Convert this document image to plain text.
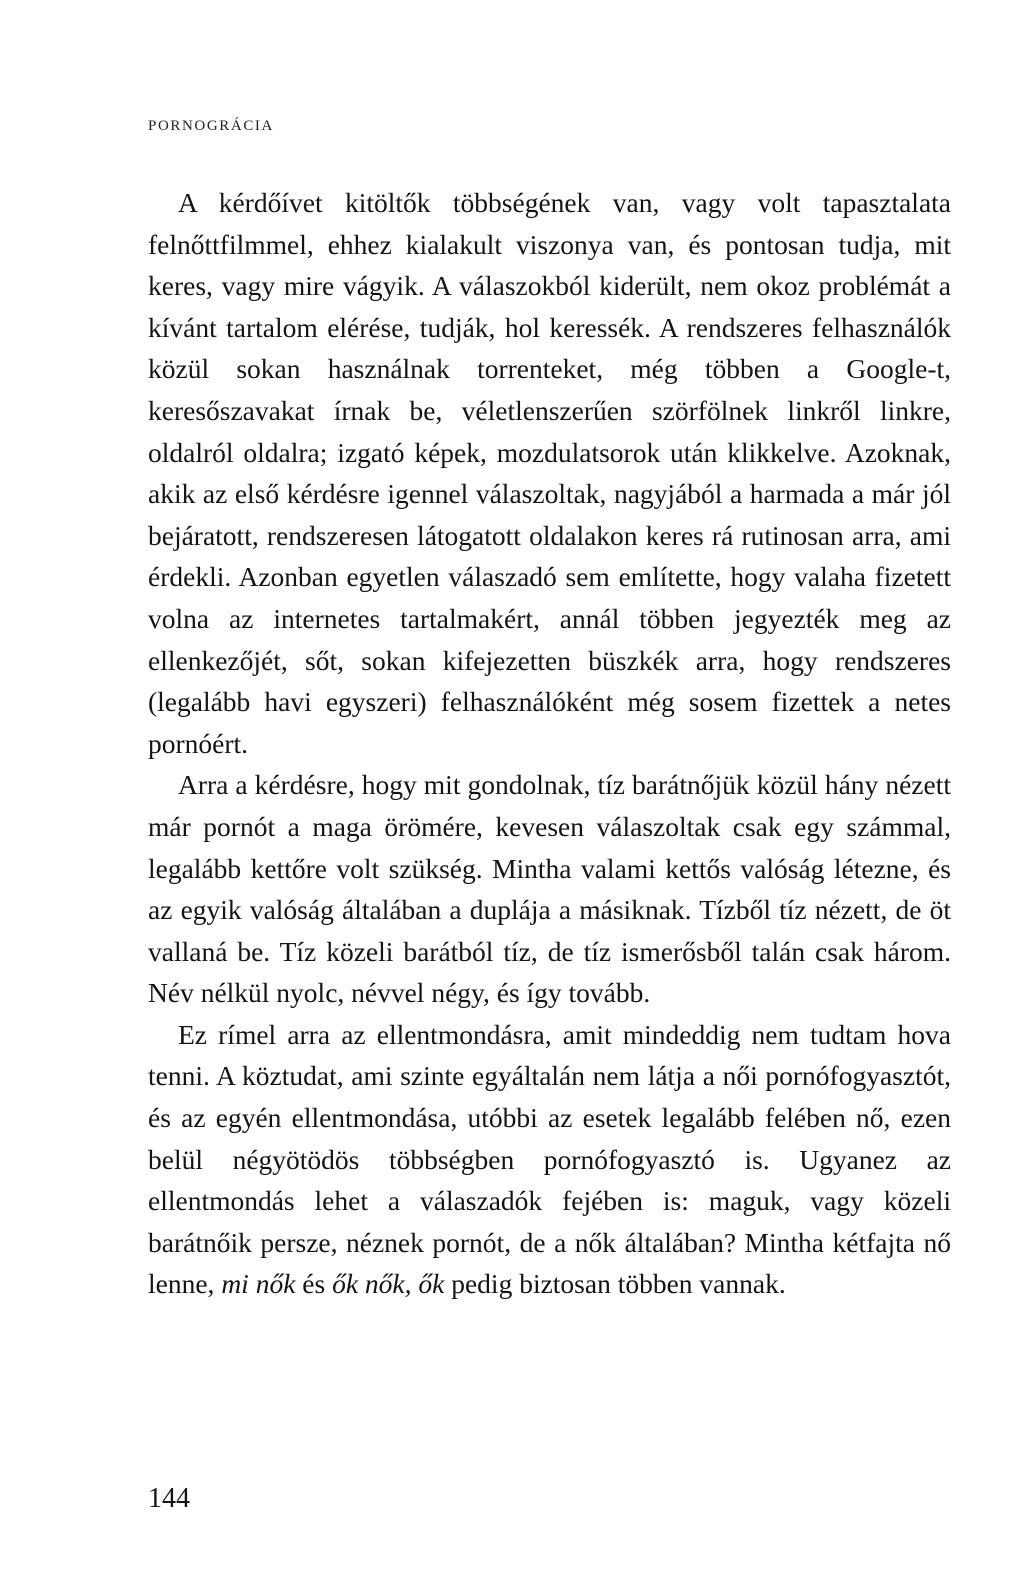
PORNOGRÁCIA

A kérdőívet kitöltők többségének van, vagy volt tapasztalata felnőttfilmmel, ehhez kialakult viszonya van, és pontosan tudja, mit keres, vagy mire vágyik. A válaszokból kiderült, nem okoz problémát a kívánt tartalom elérése, tudják, hol keressék. A rendszeres felhasználók közül sokan használnak torrenteket, még többen a Google-t, keresőszavakat írnak be, véletlenszerűen szörfölnek linkről linkre, oldalról oldalra; izgató képek, mozdulatsorok után klikkelve. Azoknak, akik az első kérdésre igennel válaszoltak, nagyjából a harmada a már jól bejáratott, rendszeresen látogatott oldalakon keres rá rutinosan arra, ami érdekli. Azonban egyetlen válaszadó sem említette, hogy valaha fizetett volna az internetes tartalmakért, annál többen jegyezték meg az ellenkezőjét, sőt, sokan kifejezetten büszkék arra, hogy rendszeres (legalább havi egyszeri) felhasználóként még sosem fizettek a netes pornóért.

Arra a kérdésre, hogy mit gondolnak, tíz barátnőjük közül hány nézett már pornót a maga örömére, kevesen válaszoltak csak egy számmal, legalább kettőre volt szükség. Mintha valami kettős valóság létezne, és az egyik valóság általában a duplája a másiknak. Tízből tíz nézett, de öt vallaná be. Tíz közeli barátból tíz, de tíz ismerősből talán csak három. Név nélkül nyolc, névvel négy, és így tovább.

Ez rímel arra az ellentmondásra, amit mindeddig nem tudtam hova tenni. A köztudat, ami szinte egyáltalán nem látja a női pornófogyasztót, és az egyén ellentmondása, utóbbi az esetek legalább felében nő, ezen belül négyötödös többségben pornófogyasztó is. Ugyanez az ellentmondás lehet a válaszadók fejében is: maguk, vagy közeli barátnőik persze, néznek pornót, de a nők általában? Mintha kétfajta nő lenne, mi nők és ők nők, ők pedig biztosan többen vannak.

144
